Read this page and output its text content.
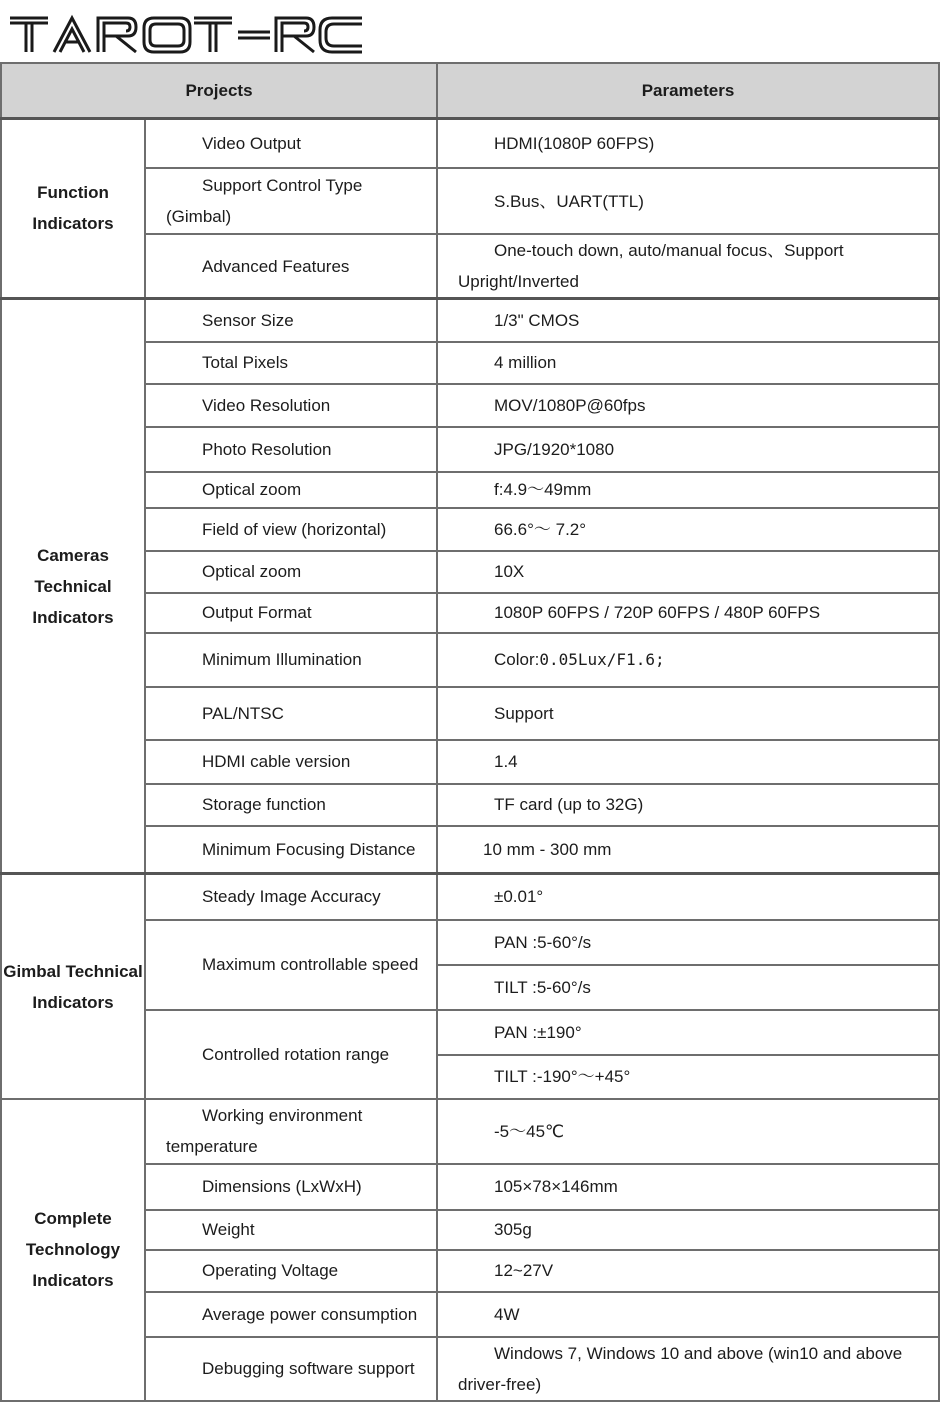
Projects		Parameters
Function Indicators	Video Output	HDMI(1080P 60FPS)
	Support Control Type (Gimbal)	S.Bus、UART(TTL)
	Advanced Features	One-touch down, auto/manual focus、Support Upright/Inverted
Cameras Technical Indicators	Sensor Size	1/3" CMOS
	Total Pixels	4 million
	Video Resolution	MOV/1080P@60fps
	Photo Resolution	JPG/1920*1080
	Optical zoom	f:4.9～49mm
	Field of view (horizontal)	66.6°～ 7.2°
	Optical zoom	10X
	Output Format	1080P 60FPS / 720P 60FPS / 480P 60FPS
	Minimum Illumination	Color:0.05Lux/F1.6;
	PAL/NTSC	Support
	HDMI cable version	1.4
	Storage function	TF card (up to 32G)
	Minimum Focusing Distance	10 mm - 300 mm
Gimbal Technical Indicators	Steady Image Accuracy	±0.01°
	Maximum controllable speed	PAN :5-60°/s
		TILT :5-60°/s
	Controlled rotation range	PAN :±190°
		TILT :-190°～+45°
Complete Technology Indicators	Working environment temperature	-5～45℃
	Dimensions (LxWxH)	105×78×146mm
	Weight	305g
	Operating Voltage	12~27V
	Average power consumption	4W
	Debugging software support	Windows 7, Windows 10 and above (win10 and above driver-free)
